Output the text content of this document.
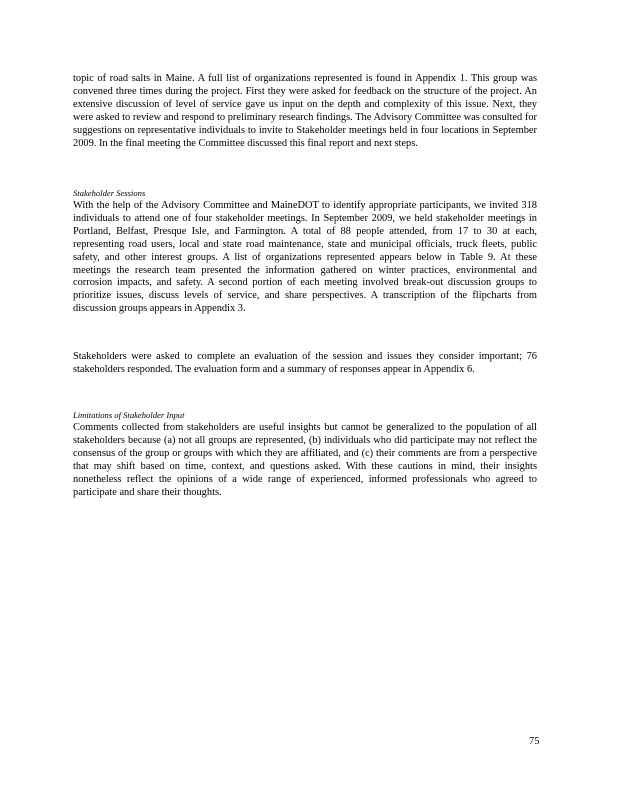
topic of road salts in Maine. A full list of organizations represented is found in Appendix 1. This group was convened three times during the project. First they were asked for feedback on the structure of the project. An extensive discussion of level of service gave us input on the depth and complexity of this issue. Next, they were asked to review and respond to preliminary research findings. The Advisory Committee was consulted for suggestions on representative individuals to invite to Stakeholder meetings held in four locations in September 2009. In the final meeting the Committee discussed this final report and next steps.

Stakeholder Sessions

With the help of the Advisory Committee and MaineDOT to identify appropriate participants, we invited 318 individuals to attend one of four stakeholder meetings. In September 2009, we held stakeholder meetings in Portland, Belfast, Presque Isle, and Farmington. A total of 88 people attended, from 17 to 30 at each, representing road users, local and state road maintenance, state and municipal officials, truck fleets, public safety, and other interest groups. A list of organizations represented appears below in Table 9. At these meetings the research team presented the information gathered on winter practices, environmental and corrosion impacts, and safety. A second portion of each meeting involved break-out discussion groups to prioritize issues, discuss levels of service, and share perspectives. A transcription of the flipcharts from discussion groups appears in Appendix 3.

Stakeholders were asked to complete an evaluation of the session and issues they consider important; 76 stakeholders responded. The evaluation form and a summary of responses appear in Appendix 6.

Limitations of Stakeholder Input

Comments collected from stakeholders are useful insights but cannot be generalized to the population of all stakeholders because (a) not all groups are represented, (b) individuals who did participate may not reflect the consensus of the group or groups with which they are affiliated, and (c) their comments are from a perspective that may shift based on time, context, and questions asked. With these cautions in mind, their insights nonetheless reflect the opinions of a wide range of experienced, informed professionals who agreed to participate and share their thoughts.

75
